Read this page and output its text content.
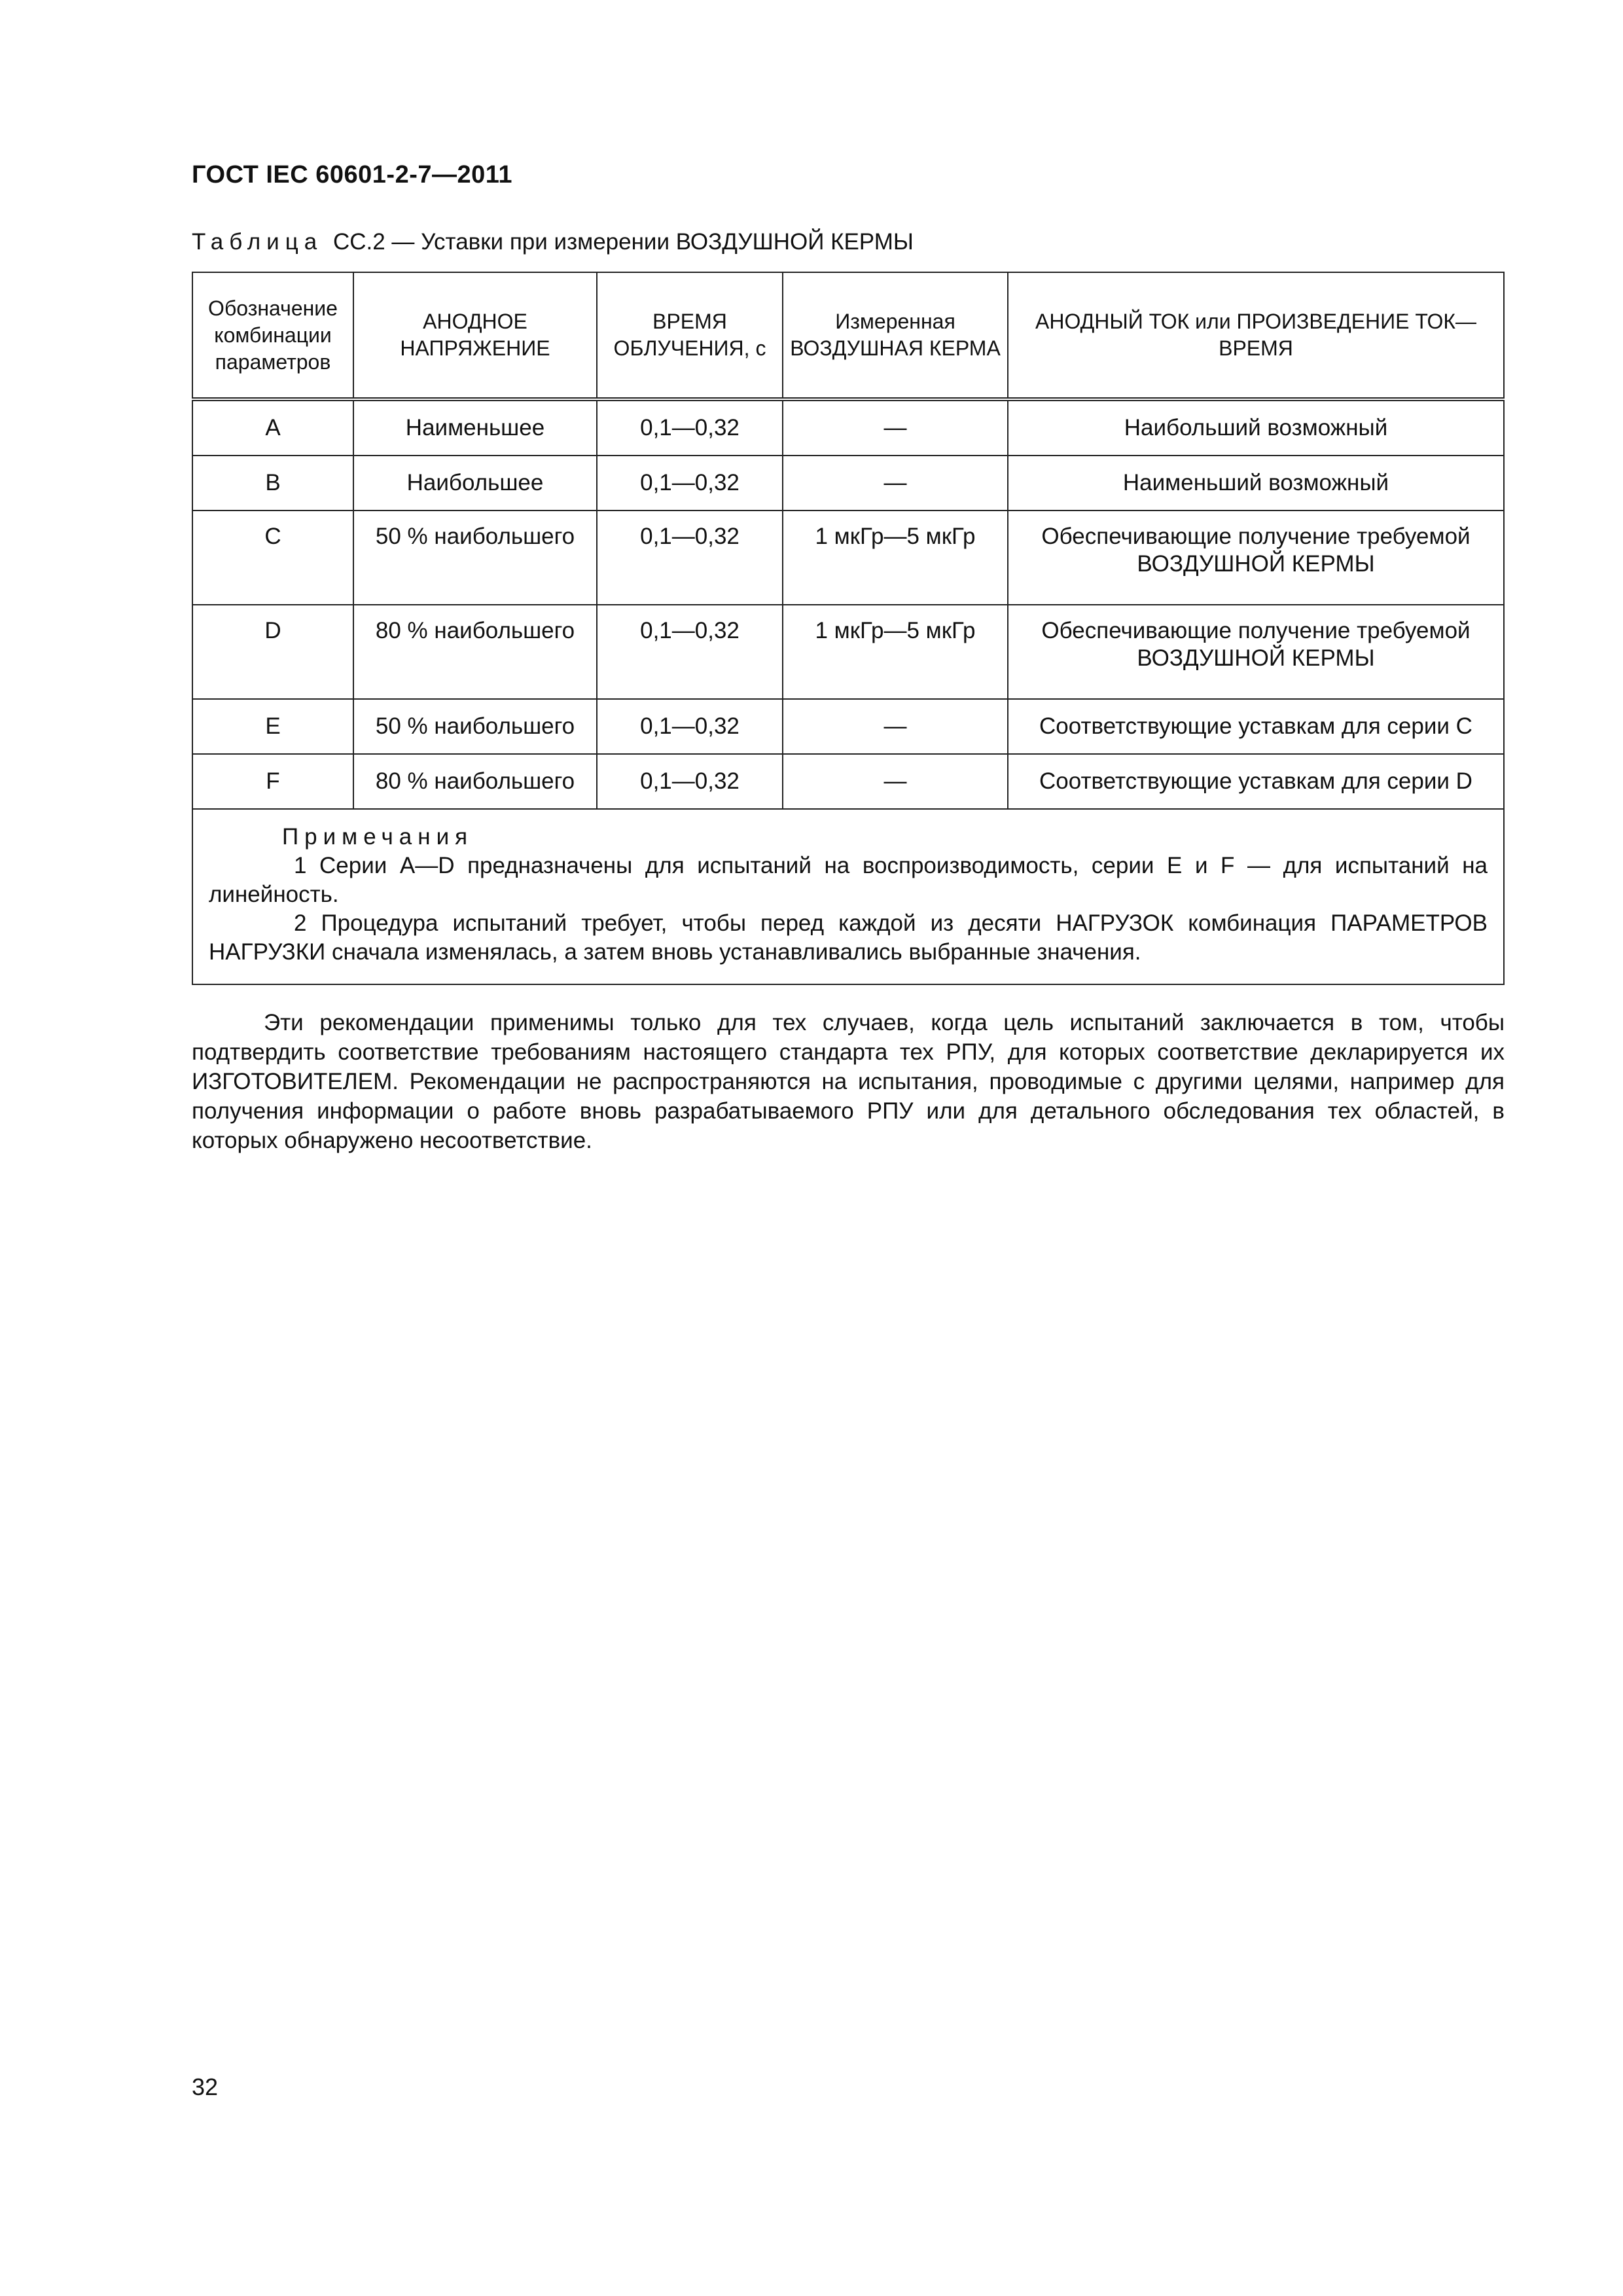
ГОСТ IEC 60601-2-7—2011
Таблица СС.2 — Уставки при измерении ВОЗДУШНОЙ КЕРМЫ
Обозначение комбинации параметров	АНОДНОЕ НАПРЯЖЕНИЕ	ВРЕМЯ ОБЛУЧЕНИЯ, с	Измеренная ВОЗДУШНАЯ КЕРМА	АНОДНЫЙ ТОК или ПРОИЗВЕДЕНИЕ ТОК—ВРЕМЯ
A	Наименьшее	0,1—0,32	—	Наибольший возможный
B	Наибольшее	0,1—0,32	—	Наименьший возможный
C	50 % наибольшего	0,1—0,32	1 мкГр—5 мкГр	Обеспечивающие получение требуемой ВОЗДУШНОЙ КЕРМЫ
D	80 % наибольшего	0,1—0,32	1 мкГр—5 мкГр	Обеспечивающие получение требуемой ВОЗДУШНОЙ КЕРМЫ
E	50 % наибольшего	0,1—0,32	—	Соответствующие уставкам для серии С
F	80 % наибольшего	0,1—0,32	—	Соответствующие уставкам для серии D

Примечания
1 Серии A—D предназначены для испытаний на воспроизводимость, серии E и F — для испытаний на линейность.
2 Процедура испытаний требует, чтобы перед каждой из десяти НАГРУЗОК комбинация ПАРАМЕТРОВ НАГРУЗКИ сначала изменялась, а затем вновь устанавливались выбранные значения.				
Эти рекомендации применимы только для тех случаев, когда цель испытаний заключается в том, чтобы подтвердить соответствие требованиям настоящего стандарта тех РПУ, для которых соответствие декларируется их ИЗГОТОВИТЕЛЕМ. Рекомендации не распространяются на испытания, проводимые с другими целями, например для получения информации о работе вновь разрабатываемого РПУ или для детального обследования тех областей, в которых обнаружено несоответствие.
32
